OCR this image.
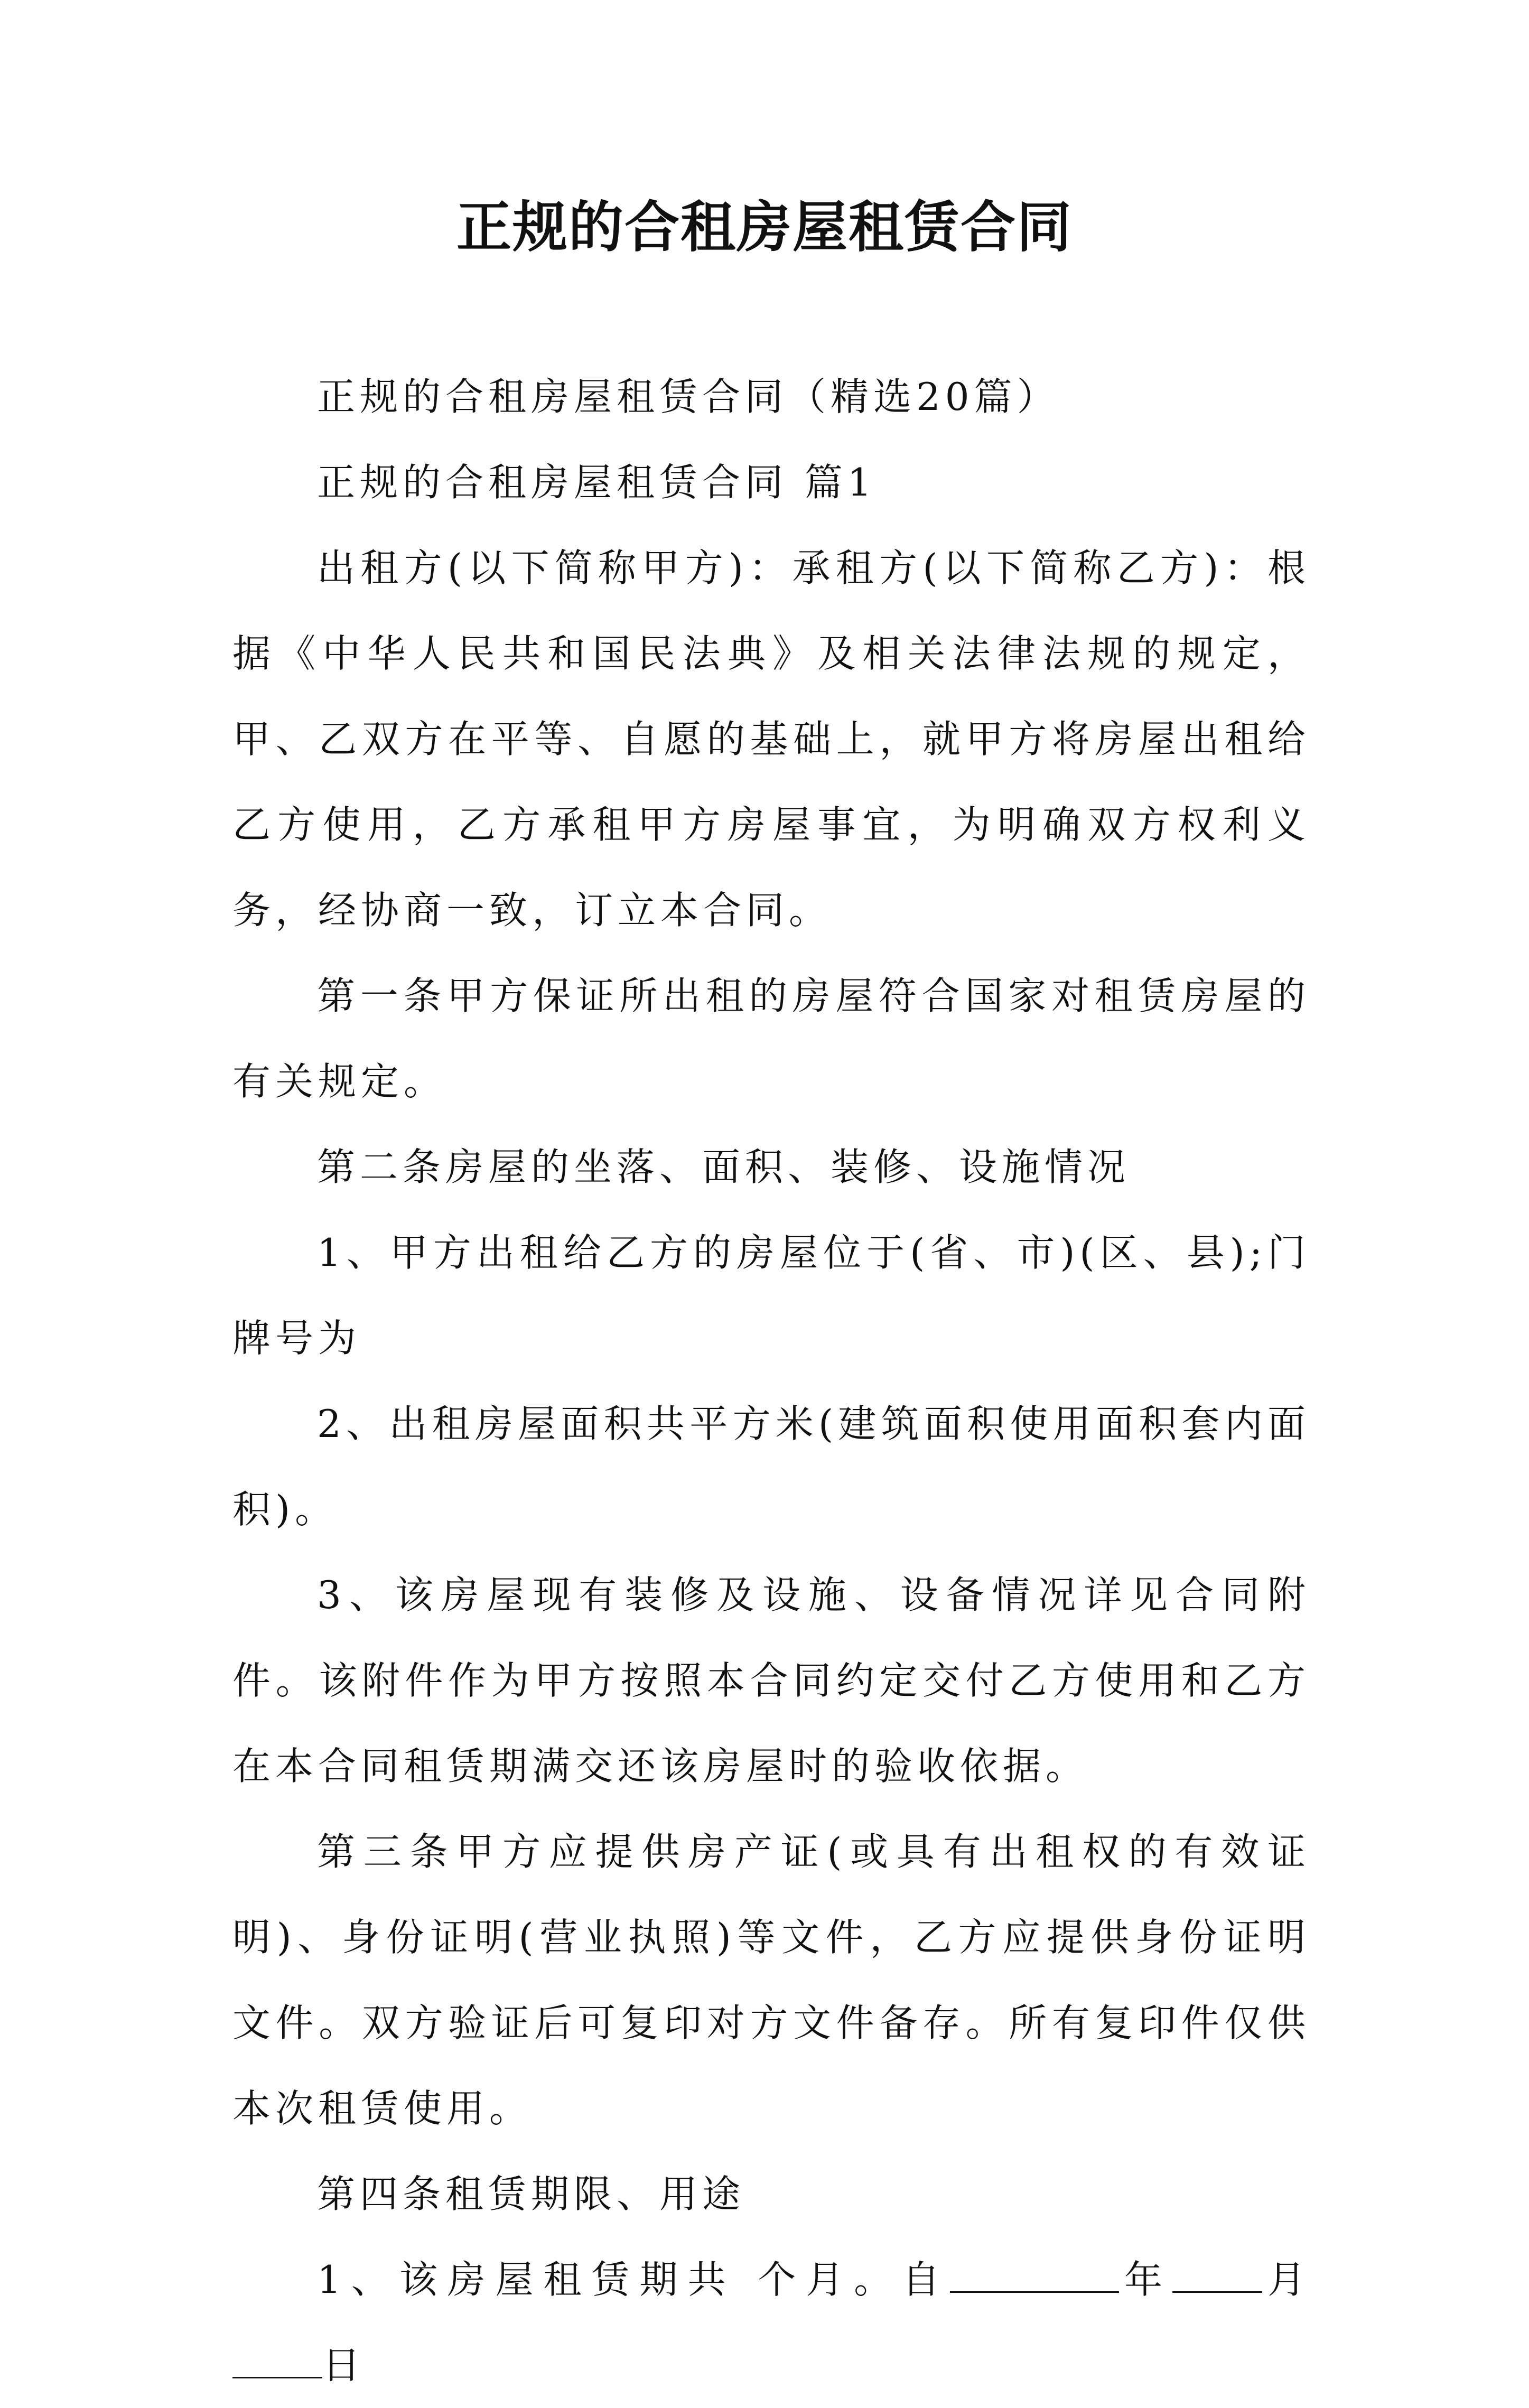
正规的合租房屋租赁合同

正规的合租房屋租赁合同（精选20篇）

正规的合租房屋租赁合同 篇1

出租方(以下简称甲方)：承租方(以下简称乙方)：根据《中华人民共和国民法典》及相关法律法规的规定，甲、乙双方在平等、自愿的基础上，就甲方将房屋出租给乙方使用，乙方承租甲方房屋事宜，为明确双方权利义务，经协商一致，订立本合同。

第一条甲方保证所出租的房屋符合国家对租赁房屋的有关规定。

第二条房屋的坐落、面积、装修、设施情况

1、甲方出租给乙方的房屋位于(省、市)(区、县);门牌号为

2、出租房屋面积共平方米(建筑面积使用面积套内面积)。

3、该房屋现有装修及设施、设备情况详见合同附件。该附件作为甲方按照本合同约定交付乙方使用和乙方在本合同租赁期满交还该房屋时的验收依据。

第三条甲方应提供房产证(或具有出租权的有效证明)、身份证明(营业执照)等文件，乙方应提供身份证明文件。双方验证后可复印对方文件备存。所有复印件仅供本次租赁使用。

第四条租赁期限、用途

1、该房屋租赁期共 个月。自	年 月日
